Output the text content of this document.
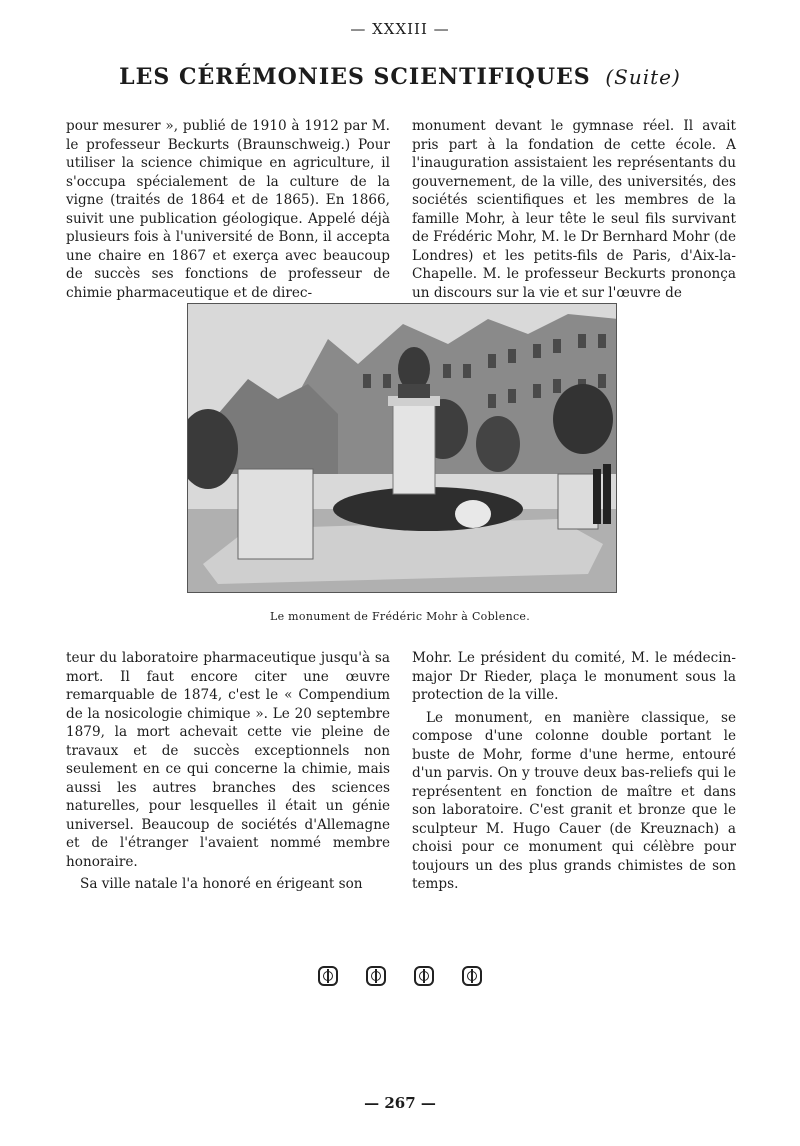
— XXXIII —
LES CÉRÉMONIES SCIENTIFIQUES (Suite)

pour mesurer », publié de 1910 à 1912 par M. le professeur Beckurts (Braunschweig.) Pour utiliser la science chimique en agriculture, il s'occupa spécialement de la culture de la vigne (traités de 1864 et de 1865). En 1866, suivit une publication géologique. Appelé déjà plusieurs fois à l'université de Bonn, il accepta une chaire en 1867 et exerça avec beaucoup de succès ses fonctions de professeur de chimie pharmaceutique et de direc-

monument devant le gymnase réel. Il avait pris part à la fondation de cette école. A l'inauguration assistaient les représentants du gouvernement, de la ville, des universités, des sociétés scientifiques et les membres de la famille Mohr, à leur tête le seul fils survivant de Frédéric Mohr, M. le Dr Bernhard Mohr (de Londres) et les petits-fils de Paris, d'Aix-la-Chapelle. M. le professeur Beckurts prononça un discours sur la vie et sur l'œuvre de

Le monument de Frédéric Mohr à Coblence.

teur du laboratoire pharmaceutique jusqu'à sa mort. Il faut encore citer une œuvre remarquable de 1874, c'est le « Compendium de la nosicologie chimique ». Le 20 septembre 1879, la mort achevait cette vie pleine de travaux et de succès exceptionnels non seulement en ce qui concerne la chimie, mais aussi les autres branches des sciences naturelles, pour lesquelles il était un génie universel. Beaucoup de sociétés d'Allemagne et de l'étranger l'avaient nommé membre honoraire.

Sa ville natale l'a honoré en érigeant son

Mohr. Le président du comité, M. le médecin-major Dr Rieder, plaça le monument sous la protection de la ville.

Le monument, en manière classique, se compose d'une colonne double portant le buste de Mohr, forme d'une herme, entouré d'un parvis. On y trouve deux bas-reliefs qui le représentent en fonction de maître et dans son laboratoire. C'est granit et bronze que le sculpteur M. Hugo Cauer (de Kreuznach) a choisi pour ce monument qui célèbre pour toujours un des plus grands chimistes de son temps.

— 267 —
